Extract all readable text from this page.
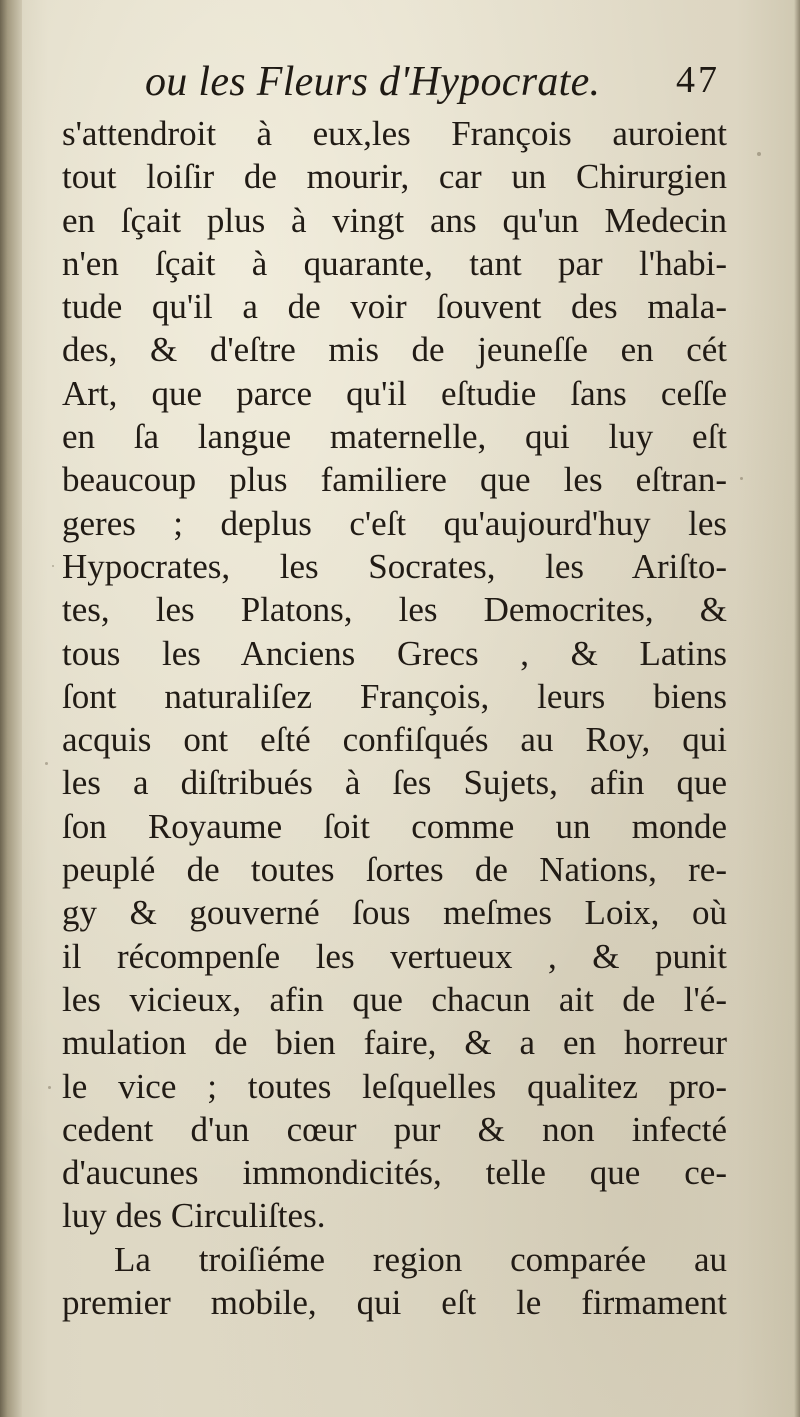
ou les Fleurs d'Hypocrate. 47
s'attendroit à eux,les François auroient
tout loiſir de mourir, car un Chirurgien
en ſçait plus à vingt ans qu'un Medecin
n'en ſçait à quarante, tant par l'habi-
tude qu'il a de voir ſouvent des mala-
des, & d'eſtre mis de jeuneſſe en cét
Art, que parce qu'il eſtudie ſans ceſſe
en ſa langue maternelle, qui luy eſt
beaucoup plus familiere que les eſtran-
geres ; deplus c'eſt qu'aujourd'huy les
Hypocrates, les Socrates, les Ariſto-
tes, les Platons, les Democrites, &
tous les Anciens Grecs , & Latins
ſont naturaliſez François, leurs biens
acquis ont eſté confiſqués au Roy, qui
les a diſtribués à ſes Sujets, afin que
ſon Royaume ſoit comme un monde
peuplé de toutes ſortes de Nations, re-
gy & gouverné ſous meſmes Loix, où
il récompenſe les vertueux , & punit
les vicieux, afin que chacun ait de l'é-
mulation de bien faire, & a en horreur
le vice ; toutes leſquelles qualitez pro-
cedent d'un cœur pur & non infecté
d'aucunes immondicités, telle que ce-
luy des Circuliſtes.
La troiſiéme region comparée au
premier mobile, qui eſt le firmament
